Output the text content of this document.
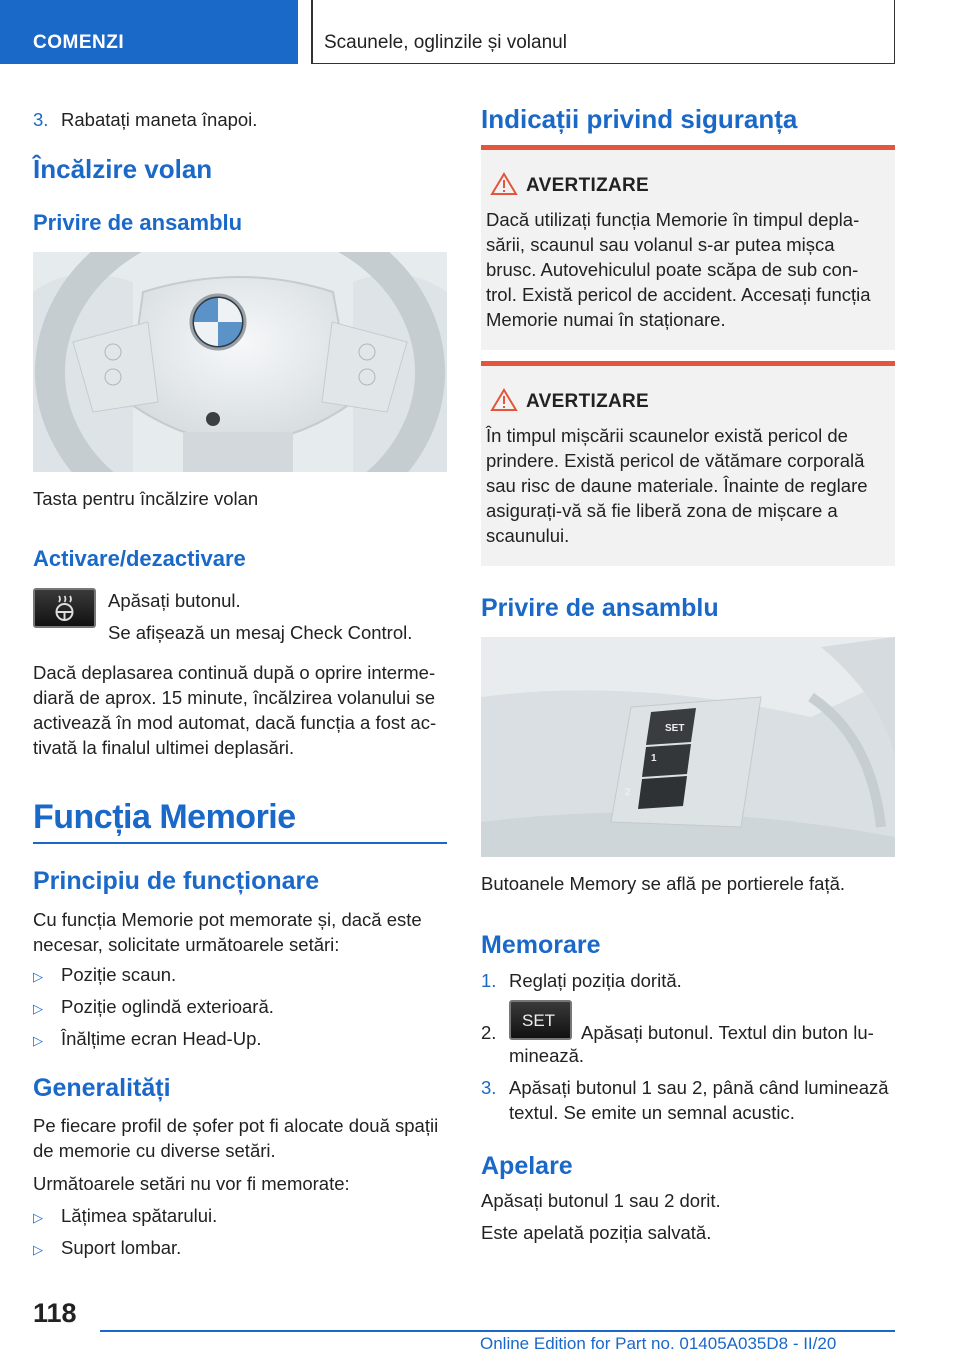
COMENZI	Scaunele, oglinzile și volanul
3. Rabatați maneta înapoi.
Încălzire volan
Privire de ansamblu
Tasta pentru încălzire volan
Activare/dezactivare
Apăsați butonul.
Se afișează un mesaj Check Control.
Dacă deplasarea continuă după o oprire interme-
diară de aprox. 15 minute, încălzirea volanului se
activează în mod automat, dacă funcția a fost ac-
tivată la finalul ultimei deplasări.
Funcția Memorie
Principiu de funcționare
Cu funcția Memorie pot memorate și, dacă este
necesar, solicitate următoarele setări:
▷ Poziție scaun.
▷ Poziție oglindă exterioară.
▷ Înălțime ecran Head-Up.
Generalități
Pe fiecare profil de șofer pot fi alocate două spații
de memorie cu diverse setări.
Următoarele setări nu vor fi memorate:
▷ Lățimea spătarului.
▷ Suport lombar.
Indicații privind siguranța
AVERTIZARE
Dacă utilizați funcția Memorie în timpul depla-
sării, scaunul sau volanul s-ar putea mișca
brusc. Autovehiculul poate scăpa de sub con-
trol. Există pericol de accident. Accesați funcția
Memorie numai în staționare.
AVERTIZARE
În timpul mișcării scaunelor există pericol de
prindere. Există pericol de vătămare corporală
sau risc de daune materiale. Înainte de reglare
asigurați-vă să fie liberă zona de mișcare a
scaunului.
Privire de ansamblu
SET
1
2
Butoanele Memory se află pe portierele față.
Memorare
1. Reglați poziția dorită.
2.
SET
Apăsați butonul. Textul din buton lu-
minează.
3. Apăsați butonul 1 sau 2, până când luminează
textul. Se emite un semnal acustic.
Apelare
Apăsați butonul 1 sau 2 dorit.
Este apelată poziția salvată.
118
Online Edition for Part no. 01405A035D8 - II/20
